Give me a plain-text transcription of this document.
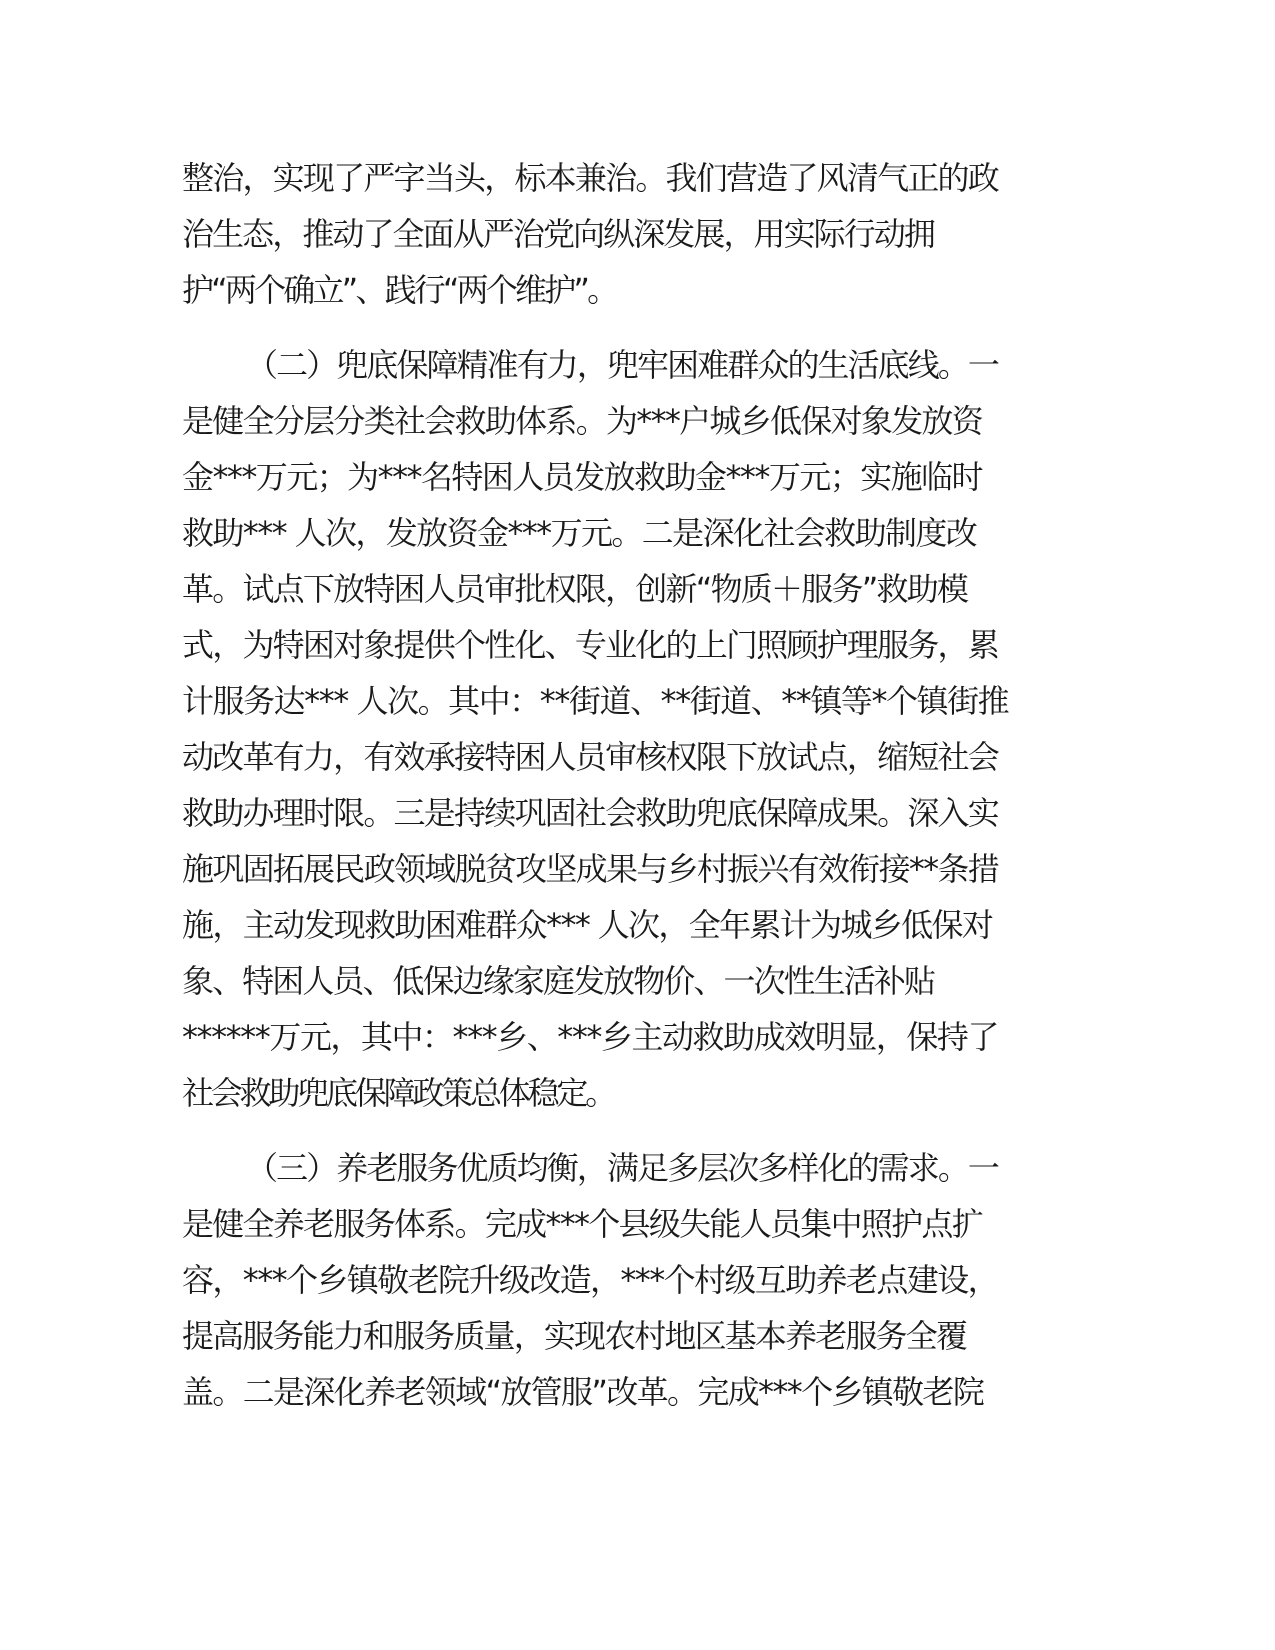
整治，实现了严字当头，标本兼治。我们营造了风清气正的政
治生态，推动了全面从严治党向纵深发展，用实际行动拥
护“两个确立”、践行“两个维护”。
（二）兜底保障精准有力，兜牢困难群众的生活底线。一
是健全分层分类社会救助体系。为***户城乡低保对象发放资
金***万元；为***名特困人员发放救助金***万元；实施临时
救助*** 人次，发放资金***万元。二是深化社会救助制度改
革。试点下放特困人员审批权限，创新“物质＋服务”救助模
式，为特困对象提供个性化、专业化的上门照顾护理服务，累
计服务达*** 人次。其中：**街道、**街道、**镇等*个镇街推
动改革有力，有效承接特困人员审核权限下放试点，缩短社会
救助办理时限。三是持续巩固社会救助兜底保障成果。深入实
施巩固拓展民政领域脱贫攻坚成果与乡村振兴有效衔接**条措
施，主动发现救助困难群众*** 人次，全年累计为城乡低保对
象、特困人员、低保边缘家庭发放物价、一次性生活补贴
******万元，其中：***乡、***乡主动救助成效明显，保持了
社会救助兜底保障政策总体稳定。
（三）养老服务优质均衡，满足多层次多样化的需求。一
是健全养老服务体系。完成***个县级失能人员集中照护点扩
容，***个乡镇敬老院升级改造，***个村级互助养老点建设，
提高服务能力和服务质量，实现农村地区基本养老服务全覆
盖。二是深化养老领域“放管服”改革。完成***个乡镇敬老院
